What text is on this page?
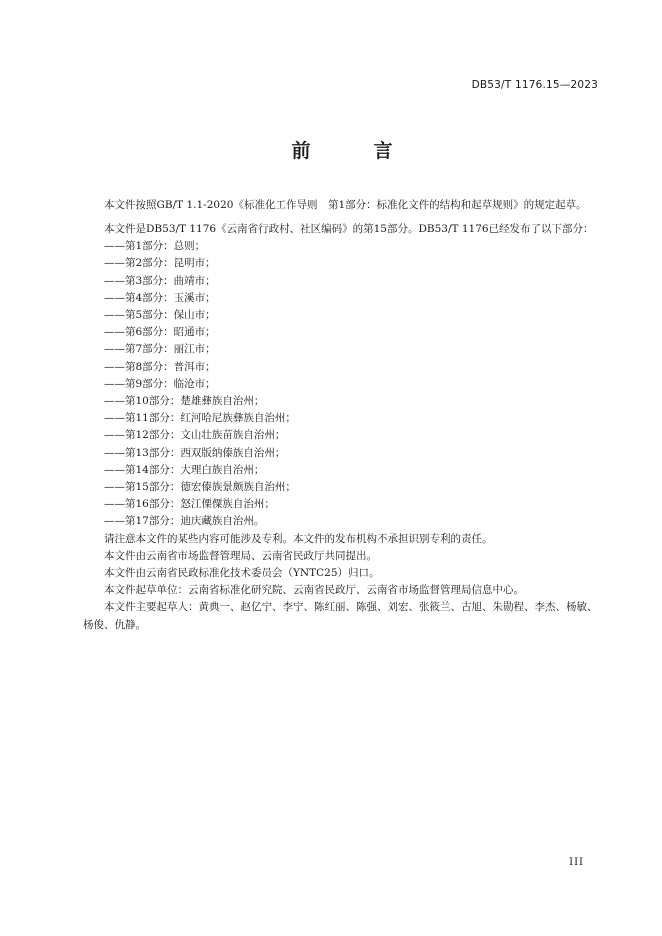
DB53/T 1176.15—2023
前　言

本文件按照GB/T 1.1-2020《标准化工作导则　第1部分：标准化文件的结构和起草规则》的规定起草。

本文件是DB53/T 1176《云南省行政村、社区编码》的第15部分。DB53/T 1176已经发布了以下部分：

——第1部分：总则；
——第2部分：昆明市；
——第3部分：曲靖市；
——第4部分：玉溪市；
——第5部分：保山市；
——第6部分：昭通市；
——第7部分：丽江市；
——第8部分：普洱市；
——第9部分：临沧市；
——第10部分：楚雄彝族自治州；
——第11部分：红河哈尼族彝族自治州；
——第12部分：文山壮族苗族自治州；
——第13部分：西双版纳傣族自治州；
——第14部分：大理白族自治州；
——第15部分：德宏傣族景颇族自治州；
——第16部分：怒江傈僳族自治州；
——第17部分：迪庆藏族自治州。

请注意本文件的某些内容可能涉及专利。本文件的发布机构不承担识别专利的责任。

本文件由云南省市场监督管理局、云南省民政厅共同提出。

本文件由云南省民政标准化技术委员会（YNTC25）归口。

本文件起草单位：云南省标准化研究院、云南省民政厅、云南省市场监督管理局信息中心。

本文件主要起草人：黄典一、赵亿宁、李宁、陈红丽、陈强、刘宏、张筱兰、古旭、朱勋程、李杰、杨敏、杨俊、仇静。

III
